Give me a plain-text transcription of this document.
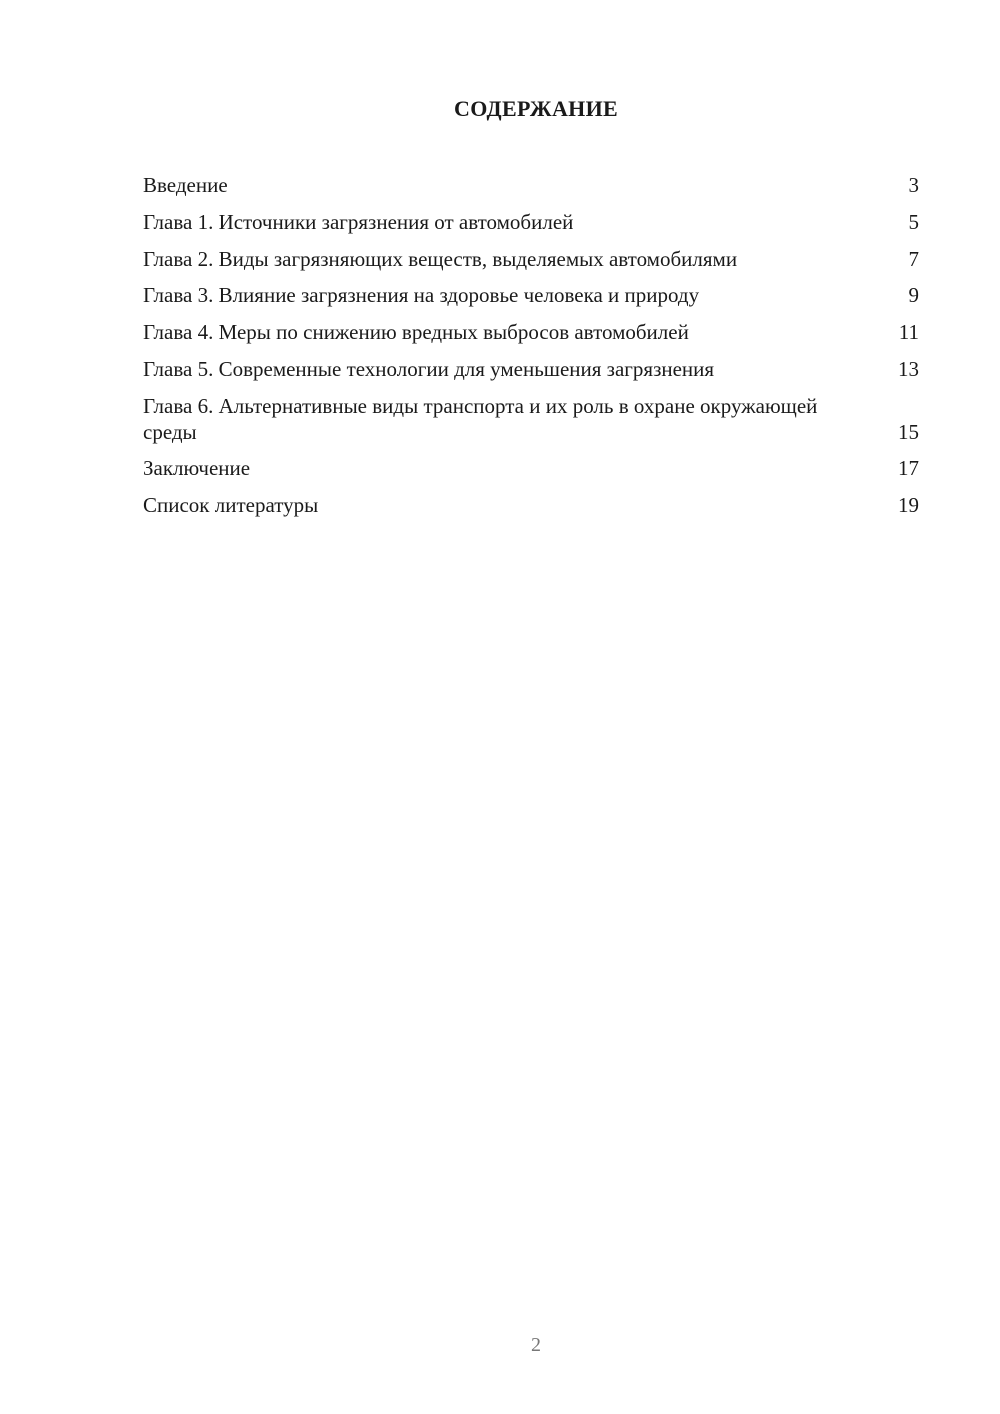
СОДЕРЖАНИЕ
Введение	3
Глава 1. Источники загрязнения от автомобилей	5
Глава 2. Виды загрязняющих веществ, выделяемых автомобилями	7
Глава 3. Влияние загрязнения на здоровье человека и природу	9
Глава 4. Меры по снижению вредных выбросов автомобилей	11
Глава 5. Современные технологии для уменьшения загрязнения	13
Глава 6. Альтернативные виды транспорта и их роль в охране окружающей среды	15
Заключение	17
Список литературы	19
2
